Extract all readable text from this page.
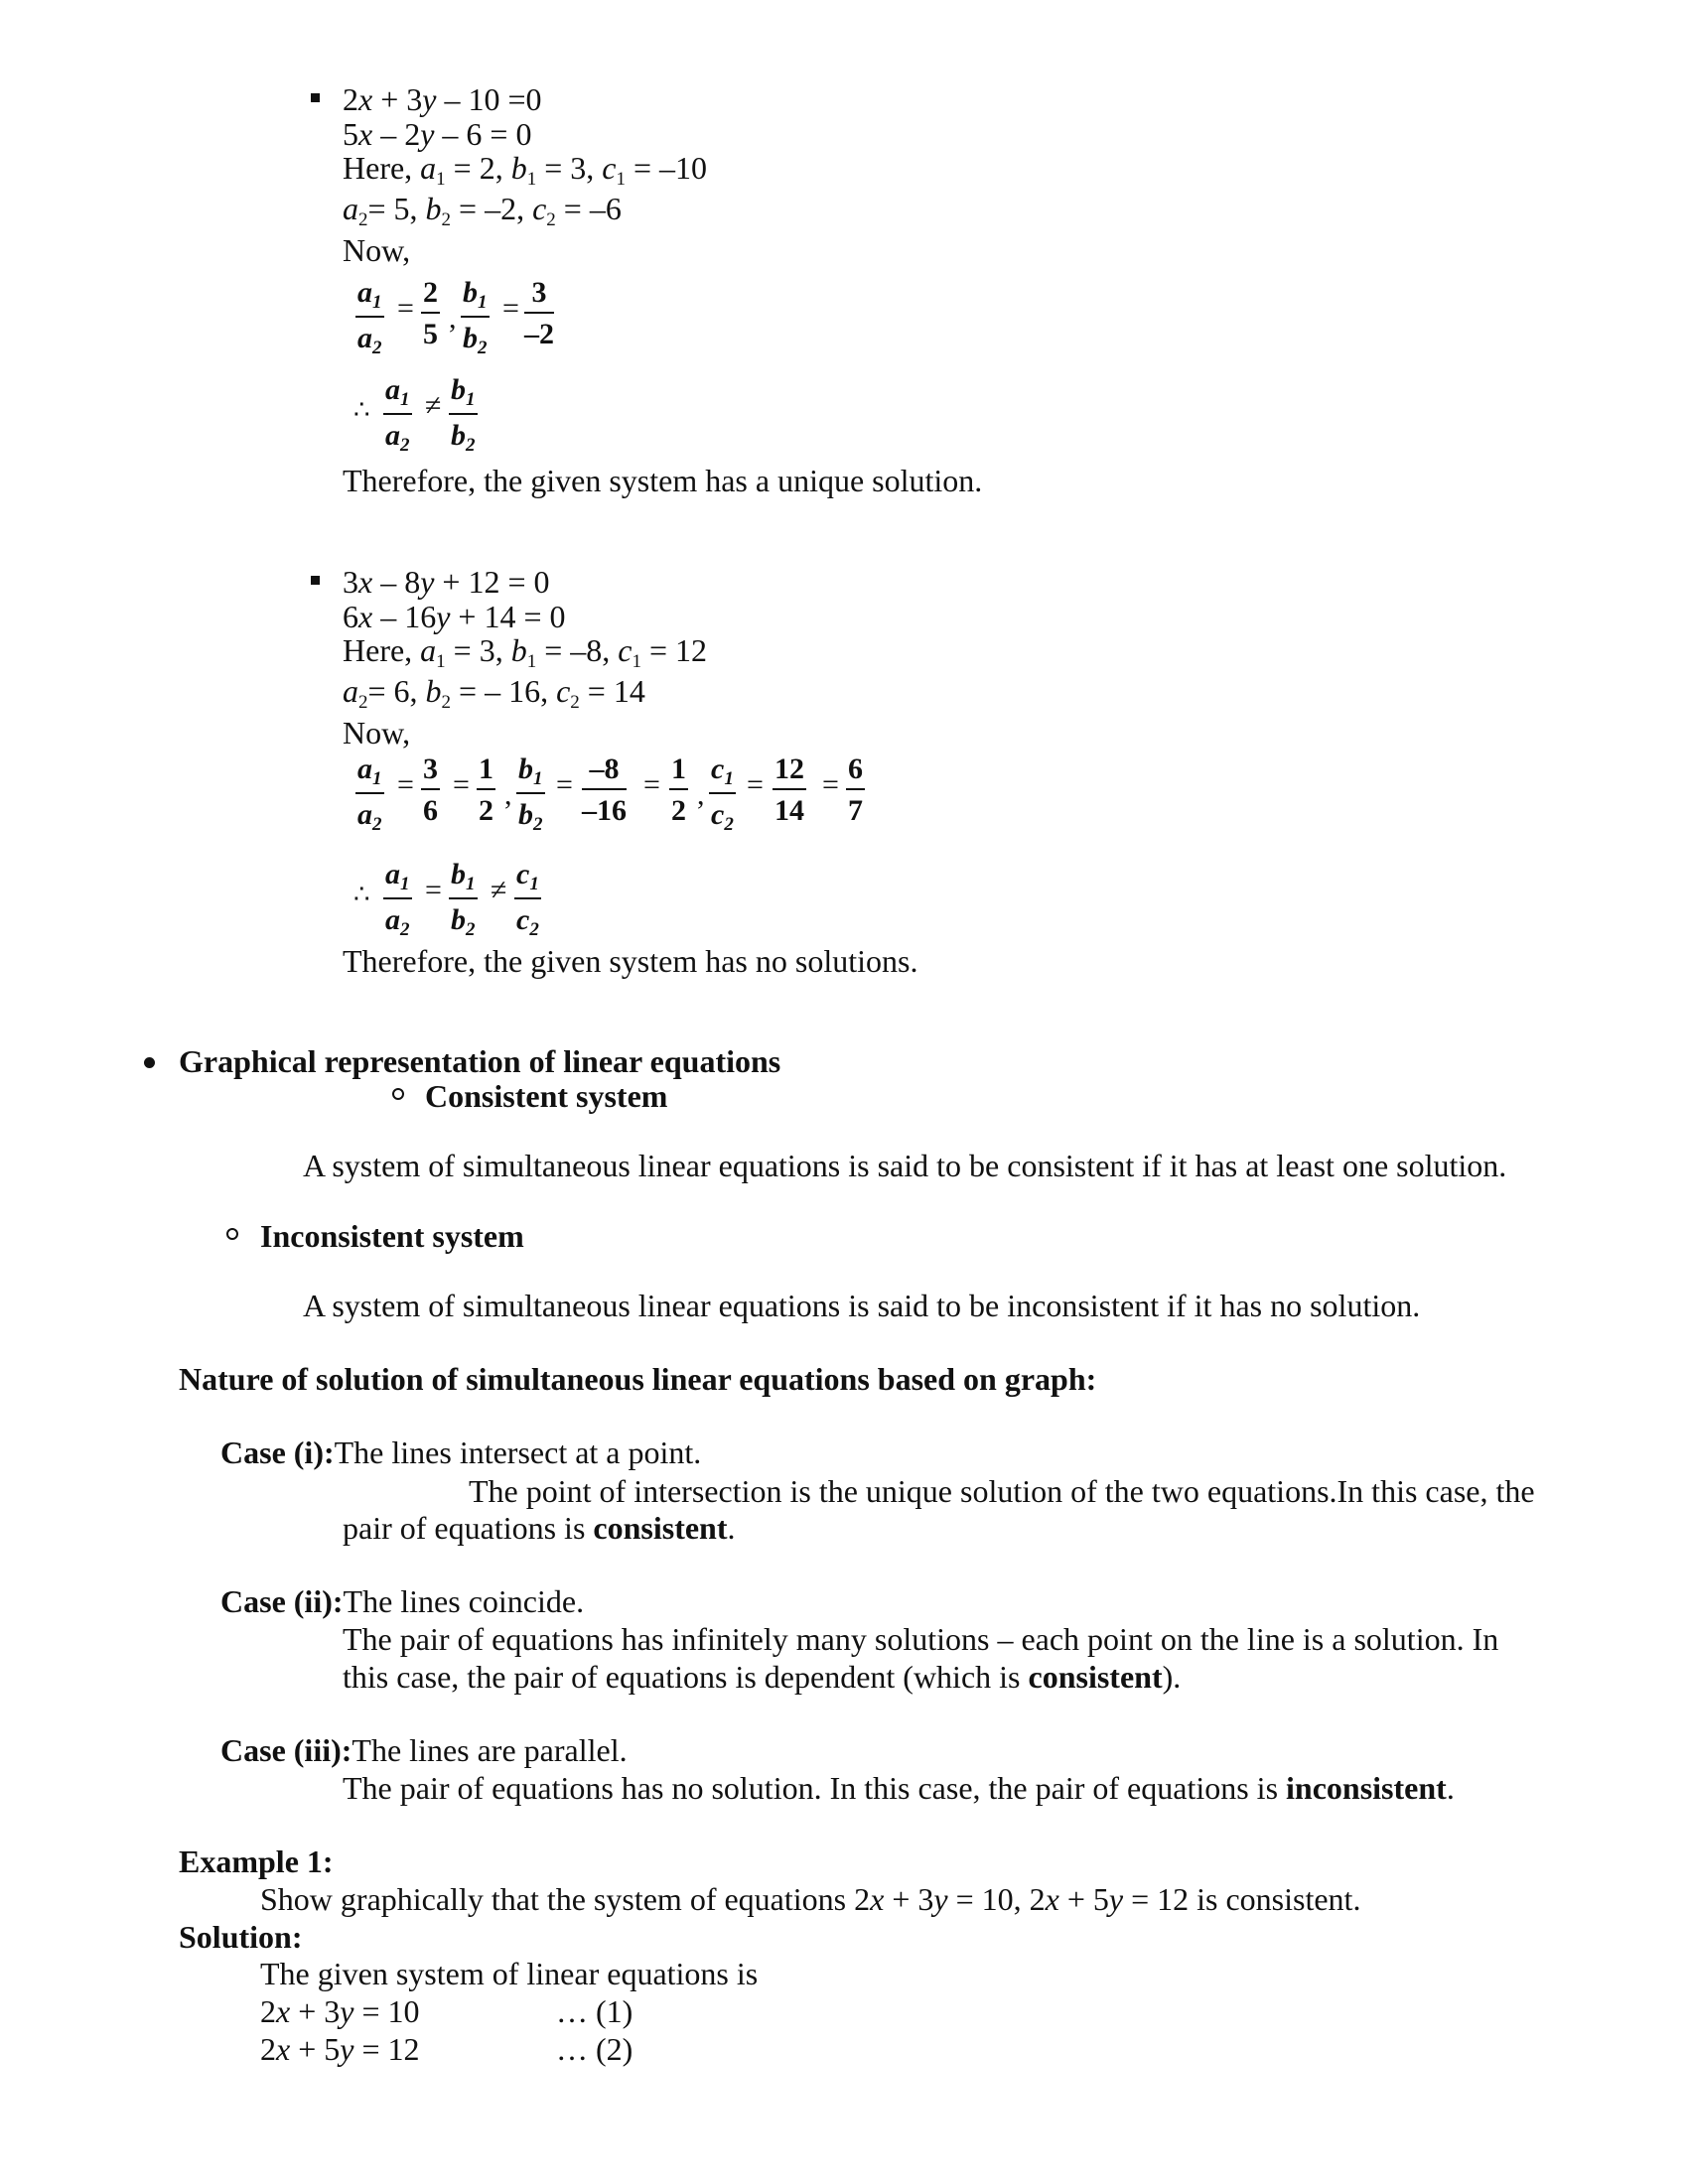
2x + 3y – 10 =0
5x – 2y – 6 = 0
Here, $a_1 = 2$, $b_1 = 3$, $c_1 = -10$
$a_2= 5$, $b_2 = -2$, $c_2 = -6$
Now,
$a_1$
$a_2$
= 2
5 ,
$b_1$
$b_2$
= 3
–2
∴
$a_1$
$a_2$
≠ $b_1$
$b_2$
Therefore, the given system has a unique solution.
3x – 8y + 12 = 0
6x – 16y + 14 = 0
Here, $a_1 = 3$, $b_1 = -8$, $c_1 = 12$
$a_2= 6$, $b_2$ = – 16, $c_2 = 14$
Now,
$a_1$
$a_2$
= 3
6
= 1
2 ,
$b_1$
$b_2$
= –8
–16
= 1
2 ,
$c_1$
$c_2$
= 12
14
= 6
7
∴
$a_1$
$a_2$
= $b_1$
$b_2$
≠ $c_1$
$c_2$
Therefore, the given system has no solutions.
Graphical representation of linear equations
Consistent system
A system of simultaneous linear equations is said to be consistent if it has at least one solution.
Inconsistent system
A system of simultaneous linear equations is said to be inconsistent if it has no solution.
Nature of solution of simultaneous linear equations based on graph:
Case (i):The lines intersect at a point.
The point of intersection is the unique solution of the two equations.In this case, the
pair of equations is consistent.
Case (ii):The lines coincide.
The pair of equations has infinitely many solutions – each point on the line is a solution. In
this case, the pair of equations is dependent (which is consistent).
Case (iii):The lines are parallel.
The pair of equations has no solution. In this case, the pair of equations is inconsistent.
Example 1:
Show graphically that the system of equations 2x + 3y = 10, 2x + 5y = 12 is consistent.
Solution:
The given system of linear equations is
2x + 3y = 10	… (1)
2x + 5y = 12	… (2)
